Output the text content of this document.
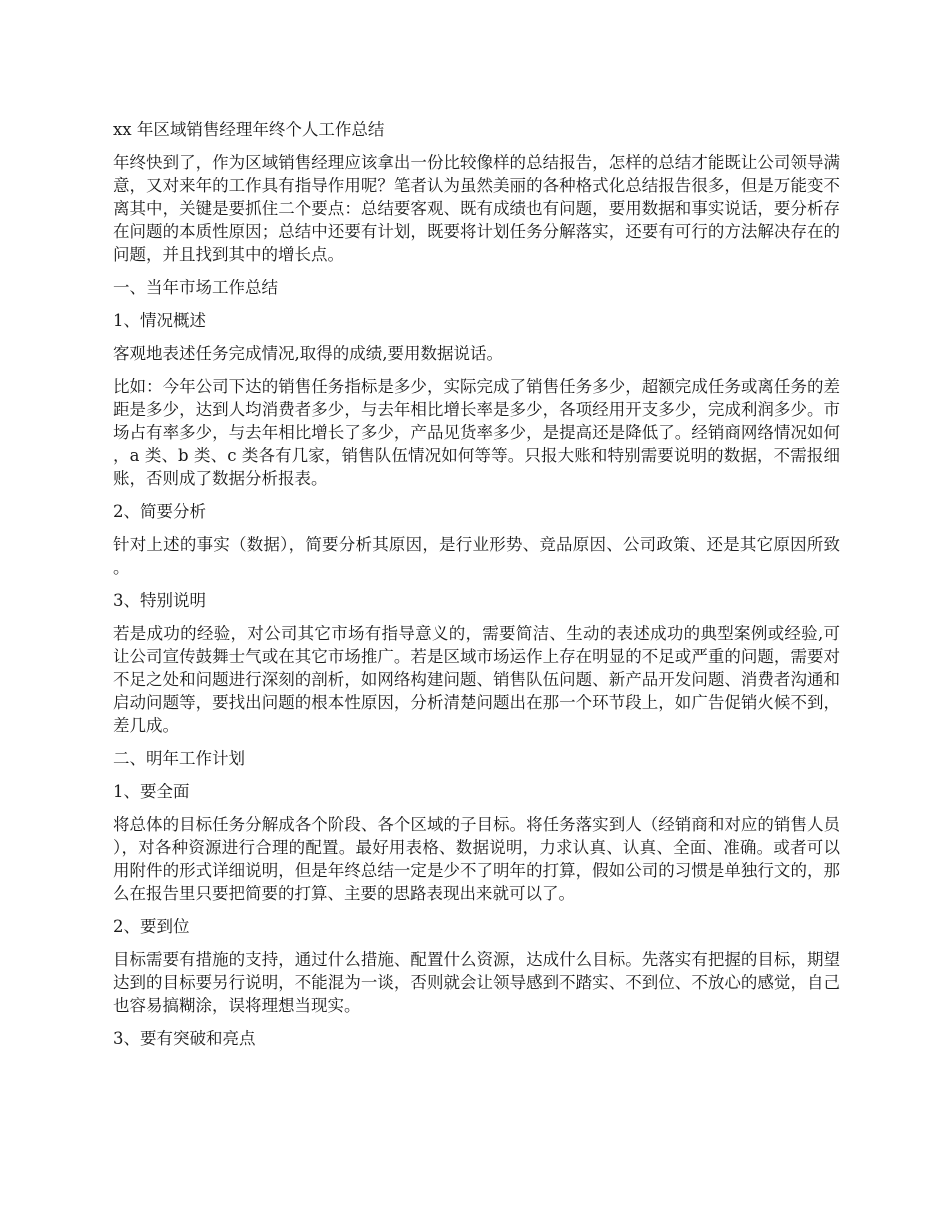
xx 年区域销售经理年终个人工作总结

年终快到了，作为区域销售经理应该拿出一份比较像样的总结报告，怎样的总结才能既让公司领导满意，又对来年的工作具有指导作用呢？笔者认为虽然美丽的各种格式化总结报告很多，但是万能变不离其中，关键是要抓住二个要点：总结要客观、既有成绩也有问题，要用数据和事实说话，要分析存在问题的本质性原因；总结中还要有计划，既要将计划任务分解落实，还要有可行的方法解决存在的问题，并且找到其中的增长点。

一、当年市场工作总结

1、情况概述

客观地表述任务完成情况,取得的成绩,要用数据说话。

比如：今年公司下达的销售任务指标是多少，实际完成了销售任务多少，超额完成任务或离任务的差距是多少，达到人均消费者多少，与去年相比增长率是多少，各项经用开支多少，完成利润多少。市场占有率多少，与去年相比增长了多少，产品见货率多少，是提高还是降低了。经销商网络情况如何，a 类、b 类、c 类各有几家，销售队伍情况如何等等。只报大账和特别需要说明的数据，不需报细账，否则成了数据分析报表。

2、简要分析

针对上述的事实（数据），简要分析其原因，是行业形势、竞品原因、公司政策、还是其它原因所致。

3、特别说明

若是成功的经验，对公司其它市场有指导意义的，需要简洁、生动的表述成功的典型案例或经验,可让公司宣传鼓舞士气或在其它市场推广。若是区域市场运作上存在明显的不足或严重的问题，需要对不足之处和问题进行深刻的剖析，如网络构建问题、销售队伍问题、新产品开发问题、消费者沟通和启动问题等，要找出问题的根本性原因，分析清楚问题出在那一个环节段上，如广告促销火候不到，差几成。

二、明年工作计划

1、要全面

将总体的目标任务分解成各个阶段、各个区域的子目标。将任务落实到人（经销商和对应的销售人员），对各种资源进行合理的配置。最好用表格、数据说明，力求认真、认真、全面、准确。或者可以用附件的形式详细说明，但是年终总结一定是少不了明年的打算，假如公司的习惯是单独行文的，那么在报告里只要把简要的打算、主要的思路表现出来就可以了。

2、要到位

目标需要有措施的支持，通过什么措施、配置什么资源，达成什么目标。先落实有把握的目标，期望达到的目标要另行说明，不能混为一谈，否则就会让领导感到不踏实、不到位、不放心的感觉，自己也容易搞糊涂，误将理想当现实。

3、要有突破和亮点
